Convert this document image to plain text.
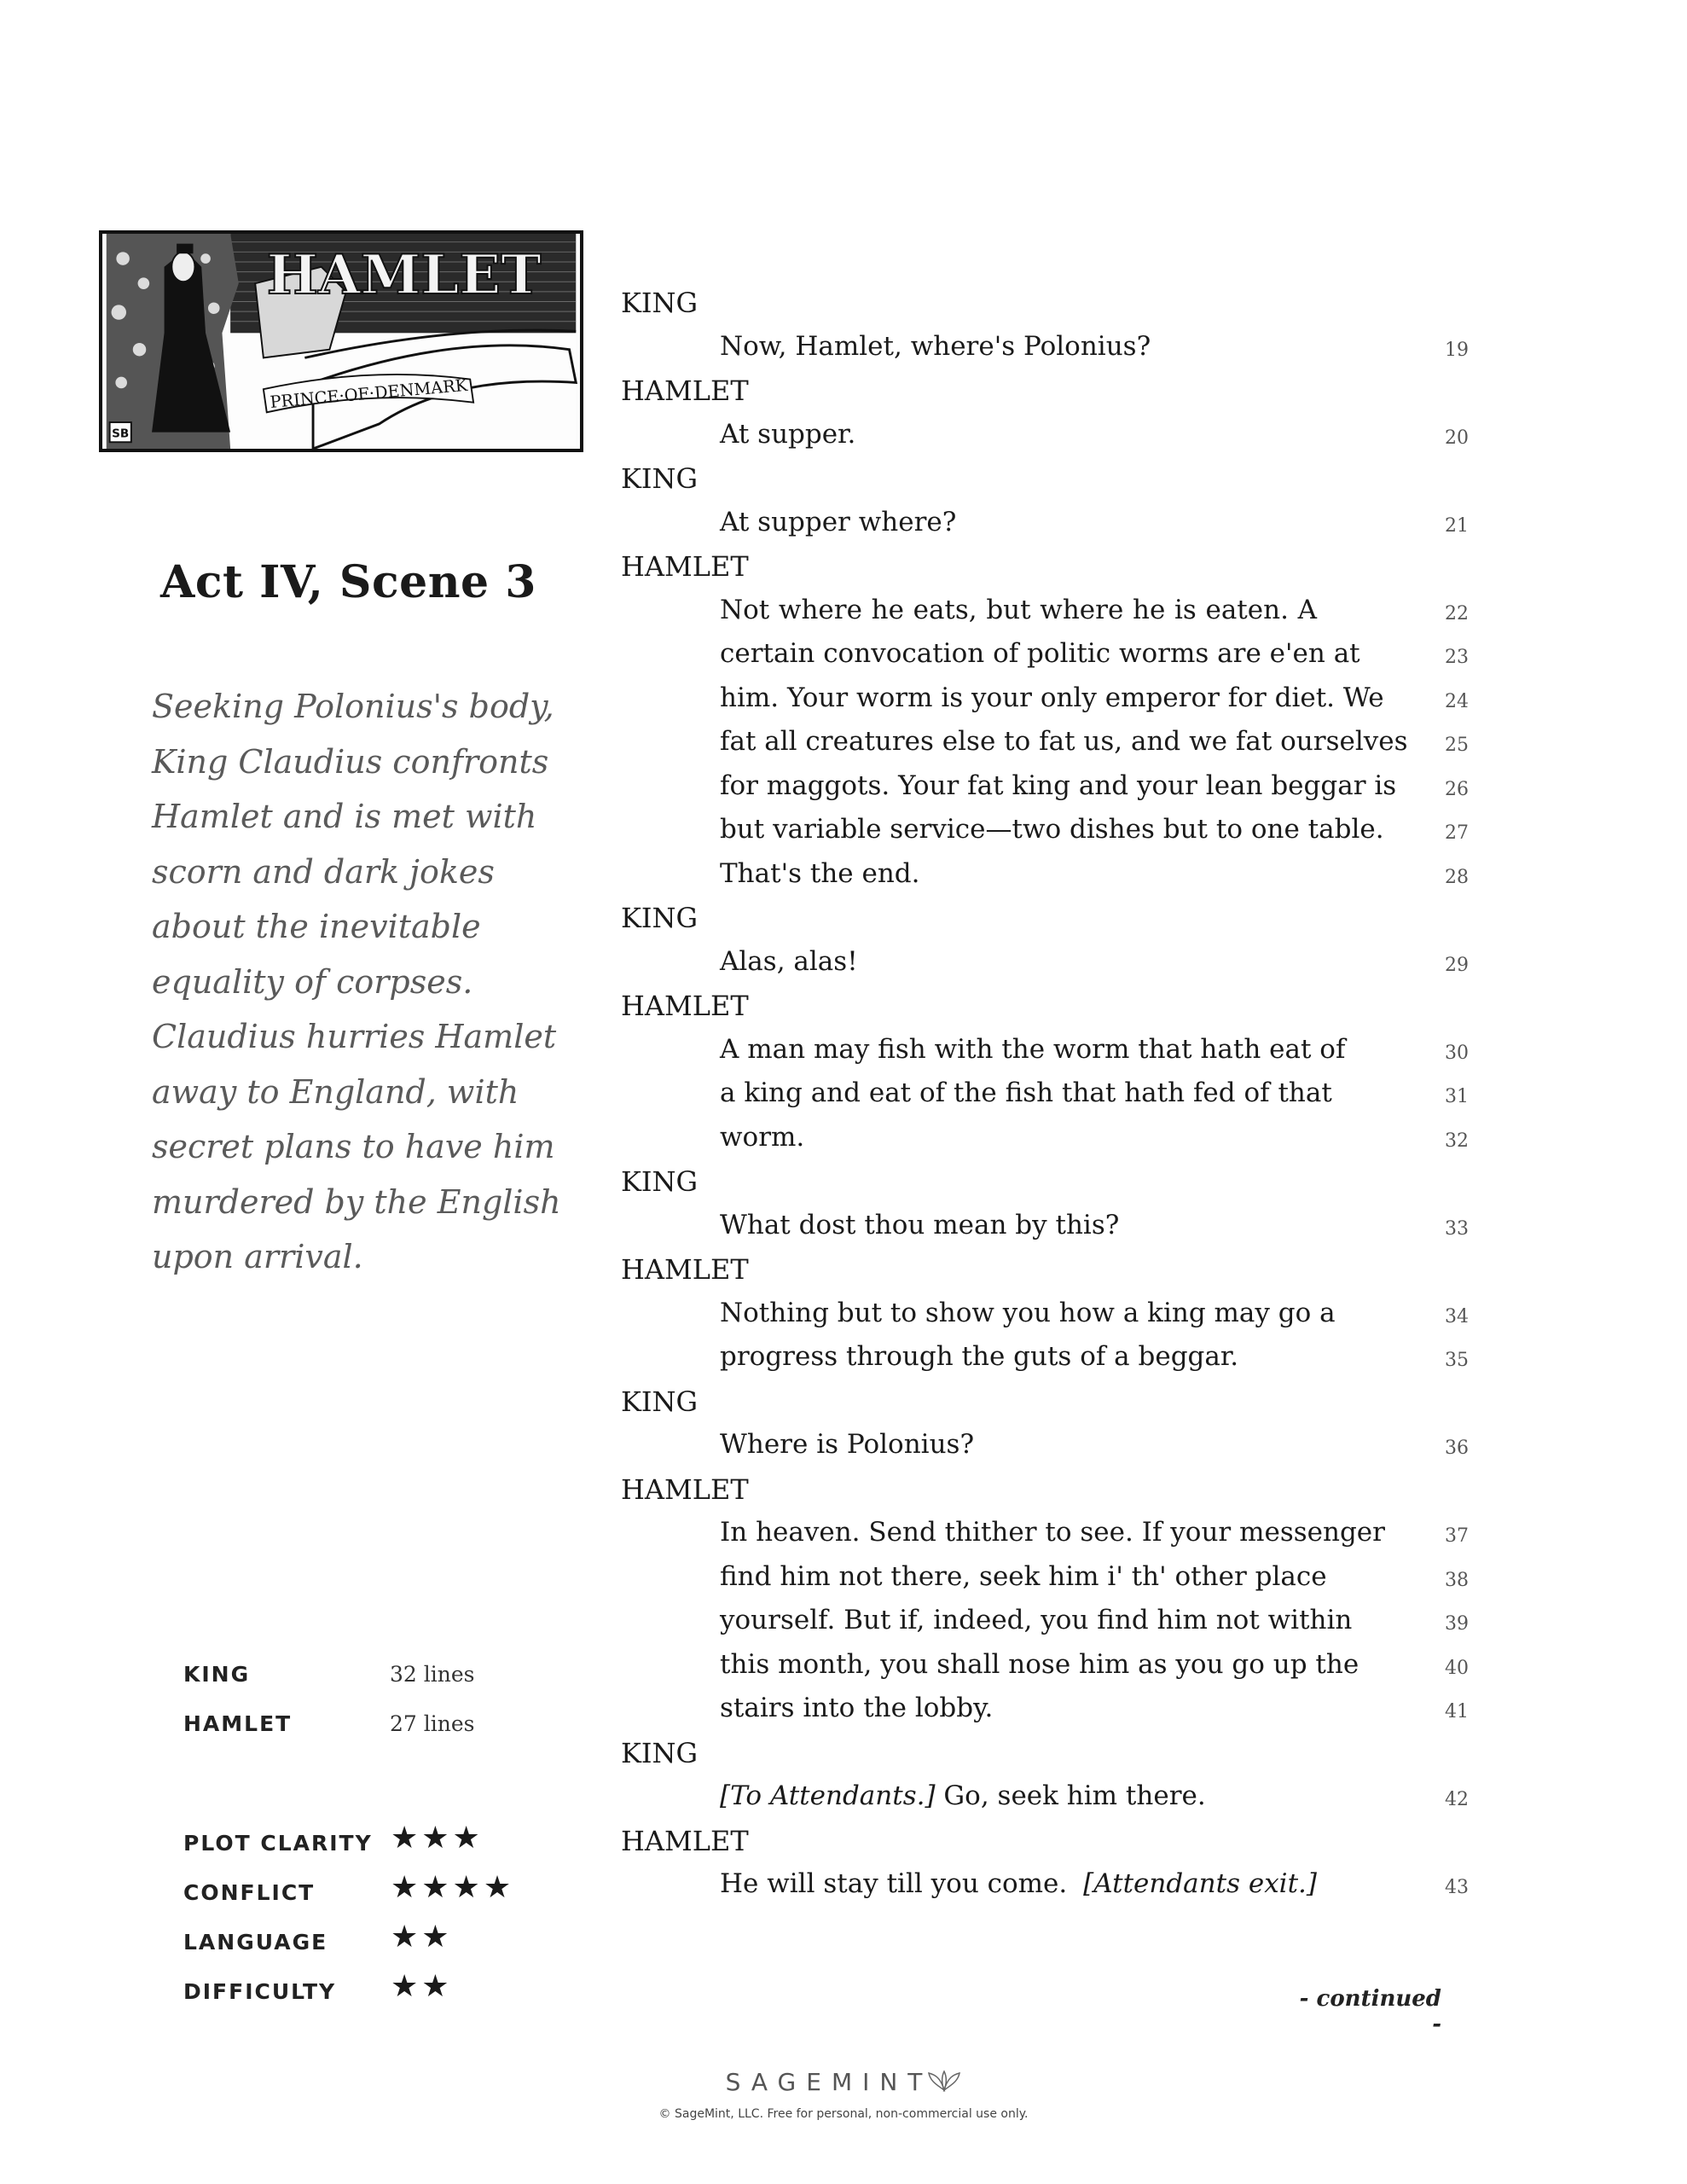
HAMLET
PRINCE·OF·DENMARK
SB
Act IV, Scene 3

Seeking Polonius's body,

King Claudius confronts

Hamlet and is met with

scorn and dark jokes

about the inevitable

equality of corpses.

Claudius hurries Hamlet

away to England, with

secret plans to have him

murdered by the English

upon arrival.

KING	32 lines
HAMLET	27 lines
PLOT CLARITY ★★★
CONFLICT ★★★★
LANGUAGE ★★
DIFFICULTY ★★
KING
Now, Hamlet, where's Polonius?	19
HAMLET
At supper.	20
KING
At supper where?	21
HAMLET
Not where he eats, but where he is eaten. A	22
certain convocation of politic worms are e'en at	23
him. Your worm is your only emperor for diet. We	24
fat all creatures else to fat us, and we fat ourselves	25
for maggots. Your fat king and your lean beggar is	26
but variable service—two dishes but to one table.	27
That's the end.	28
KING
Alas, alas!	29
HAMLET
A man may fish with the worm that hath eat of	30
a king and eat of the fish that hath fed of that	31
worm.	32
KING
What dost thou mean by this?	33
HAMLET
Nothing but to show you how a king may go a	34
progress through the guts of a beggar.	35
KING
Where is Polonius?	36
HAMLET
In heaven. Send thither to see. If your messenger	37
find him not there, seek him i' th' other place	38
yourself. But if, indeed, you find him not within	39
this month, you shall nose him as you go up the	40
stairs into the lobby.	41
KING
[To Attendants.] Go, seek him there.	42
HAMLET
He will stay till you come. [Attendants exit.]	43
- continued -
SAGEMINT
© SageMint, LLC. Free for personal, non-commercial use only.
